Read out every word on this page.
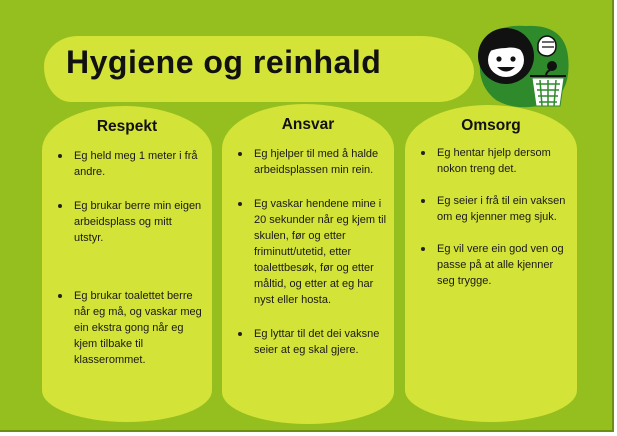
Hygiene og reinhald
Respekt
Eg held meg 1 meter i frå andre.
Eg brukar berre min eigen arbeidsplass og mitt utstyr.
Eg brukar toalettet berre når eg må, og vaskar meg ein ekstra gong når eg kjem tilbake til klasserommet.
Ansvar
Eg hjelper til med å halde arbeidsplassen min rein.
Eg vaskar hendene mine i 20 sekunder når eg kjem til skulen, før og etter friminutt/utetid, etter toalettbesøk, før og etter måltid, og etter at eg har nyst eller hosta.
Eg lyttar til det dei vaksne seier at eg skal gjere.
Omsorg
Eg hentar hjelp dersom nokon treng det.
Eg seier i frå til ein vaksen om eg kjenner meg sjuk.
Eg vil vere ein god ven og passe på at alle kjenner seg trygge.
